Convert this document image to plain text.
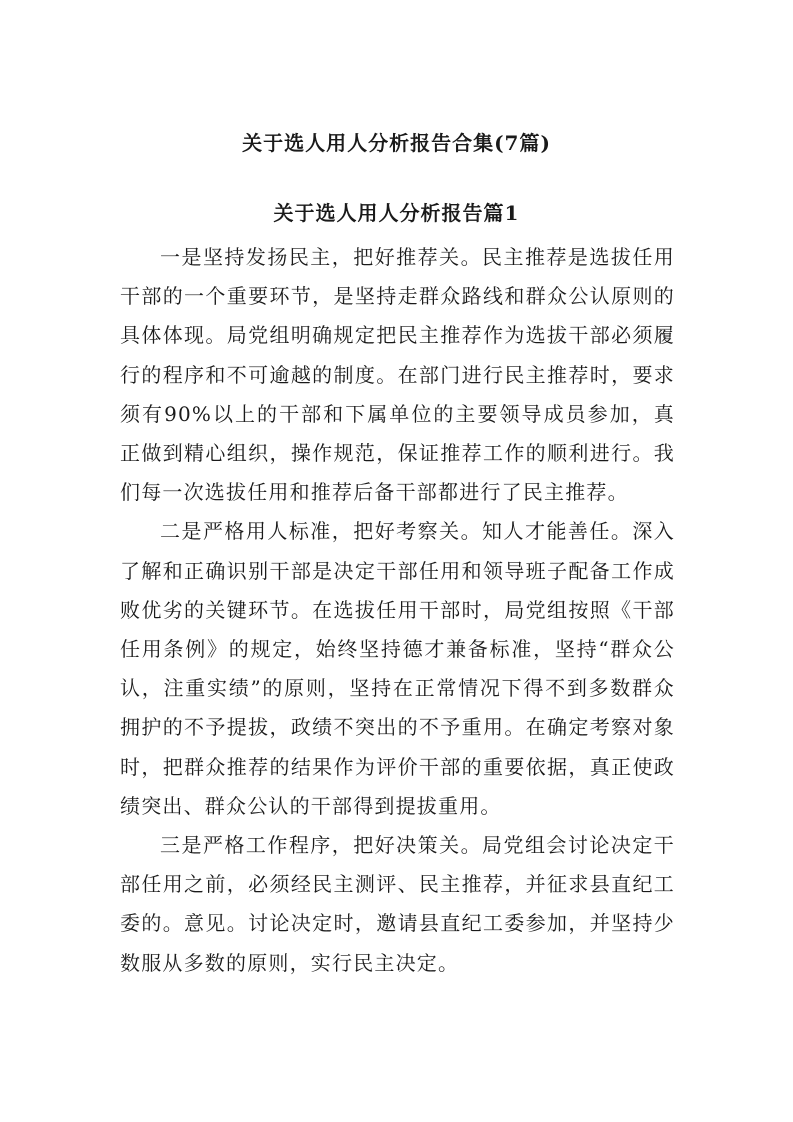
关于选人用人分析报告合集(7篇)
关于选人用人分析报告篇1

一是坚持发扬民主，把好推荐关。民主推荐是选拔任用干部的一个重要环节，是坚持走群众路线和群众公认原则的具体体现。局党组明确规定把民主推荐作为选拔干部必须履行的程序和不可逾越的制度。在部门进行民主推荐时，要求须有90%以上的干部和下属单位的主要领导成员参加，真正做到精心组织，操作规范，保证推荐工作的顺利进行。我们每一次选拔任用和推荐后备干部都进行了民主推荐。

二是严格用人标准，把好考察关。知人才能善任。深入了解和正确识别干部是决定干部任用和领导班子配备工作成败优劣的关键环节。在选拔任用干部时，局党组按照《干部任用条例》的规定，始终坚持德才兼备标准，坚持“群众公认，注重实绩”的原则，坚持在正常情况下得不到多数群众拥护的不予提拔，政绩不突出的不予重用。在确定考察对象时，把群众推荐的结果作为评价干部的重要依据，真正使政绩突出、群众公认的干部得到提拔重用。

三是严格工作程序，把好决策关。局党组会讨论决定干部任用之前，必须经民主测评、民主推荐，并征求县直纪工委的。意见。讨论决定时，邀请县直纪工委参加，并坚持少数服从多数的原则，实行民主决定。
